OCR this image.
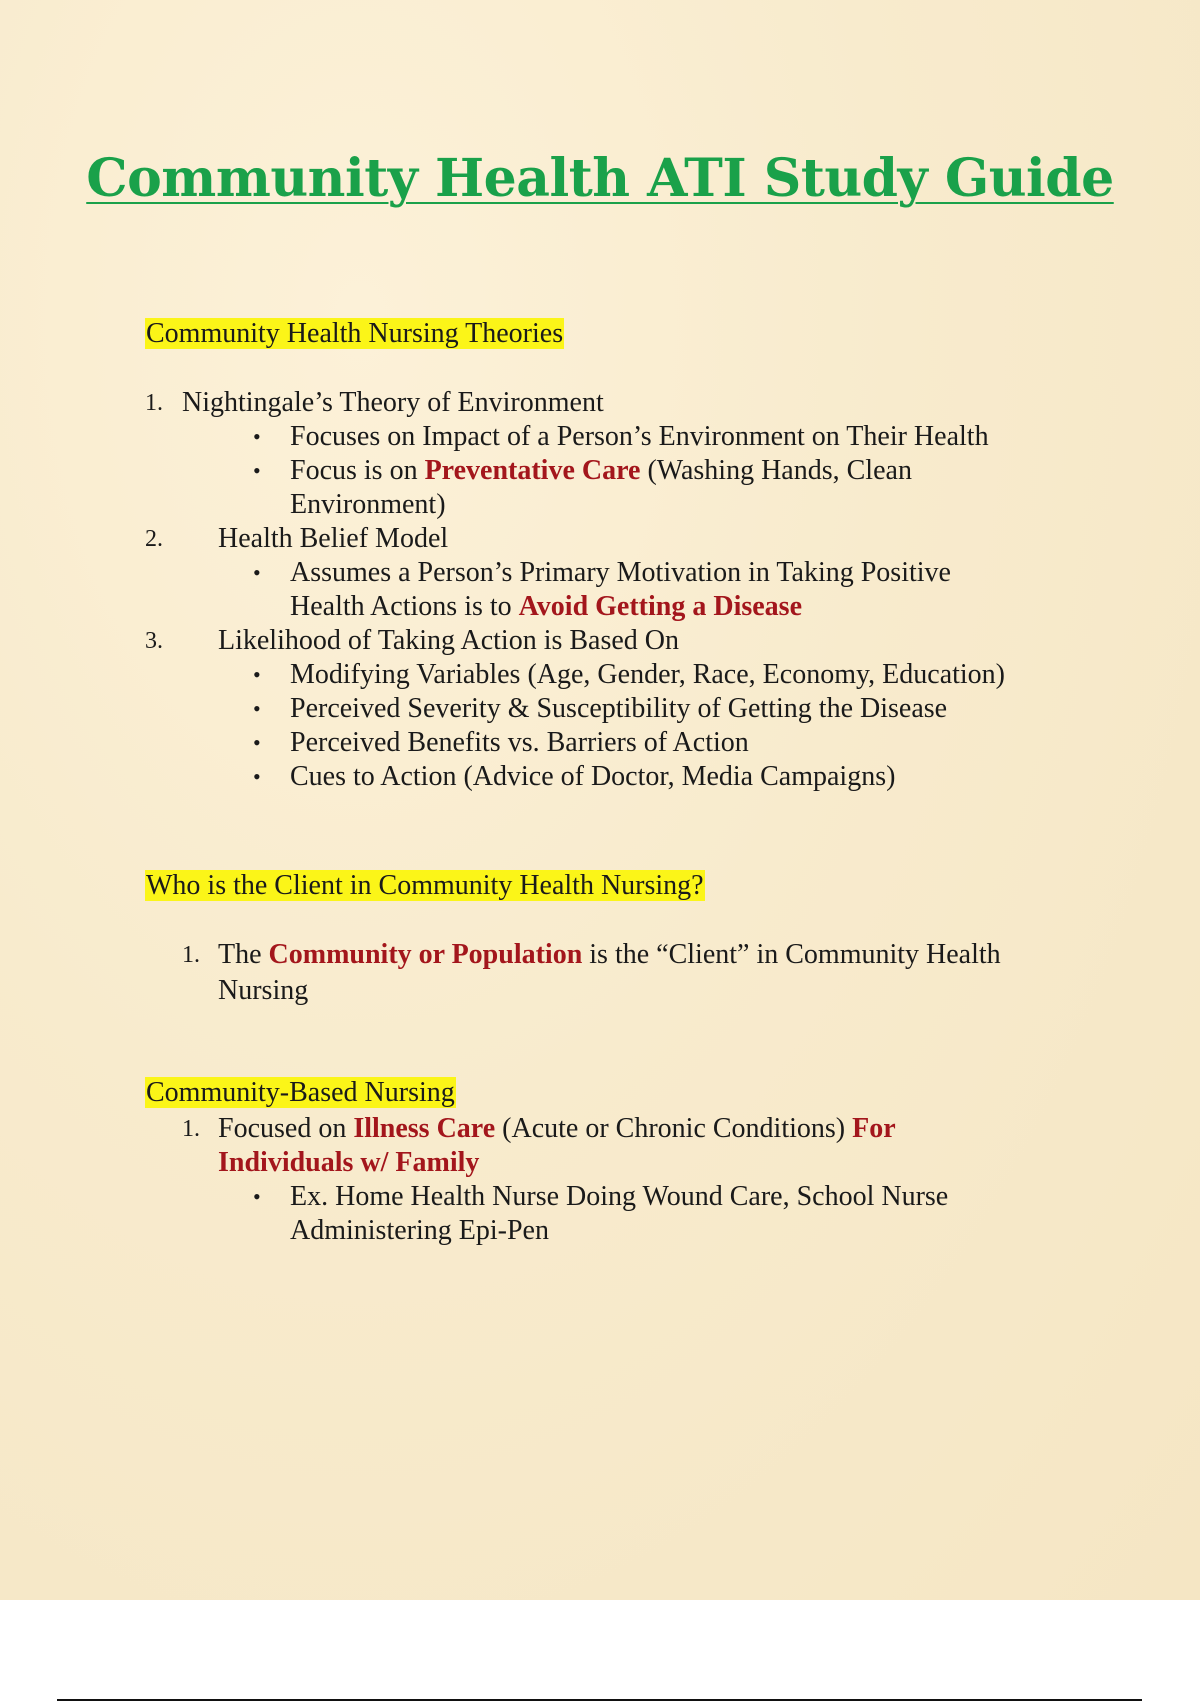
Community Health ATI Study Guide
Community Health Nursing Theories
1. Nightingale’s Theory of Environment
• Focuses on Impact of a Person’s Environment on Their Health
• Focus is on Preventative Care (Washing Hands, Clean
Environment)
2. Health Belief Model
• Assumes a Person’s Primary Motivation in Taking Positive
Health Actions is to Avoid Getting a Disease
3. Likelihood of Taking Action is Based On
• Modifying Variables (Age, Gender, Race, Economy, Education)
• Perceived Severity & Susceptibility of Getting the Disease
• Perceived Benefits vs. Barriers of Action
• Cues to Action (Advice of Doctor, Media Campaigns)
Who is the Client in Community Health Nursing?
1. The Community or Population is the “Client” in Community Health
Nursing
Community-Based Nursing
1. Focused on Illness Care (Acute or Chronic Conditions) For
Individuals w/ Family
• Ex. Home Health Nurse Doing Wound Care, School Nurse
Administering Epi-Pen
